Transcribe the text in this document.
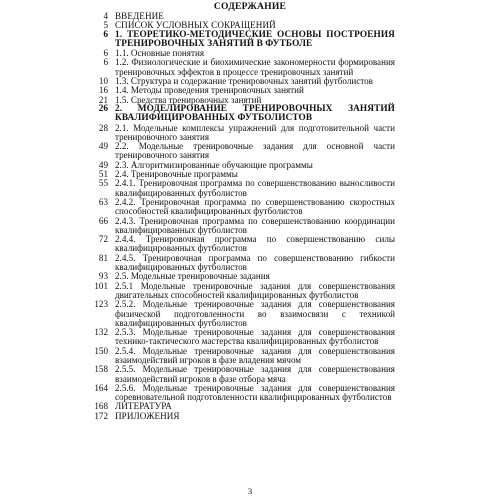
СОДЕРЖАНИЕ
4 ВВЕДЕНИЕ
5 СПИСОК УСЛОВНЫХ СОКРАЩЕНИЙ
6 1. ТЕОРЕТИКО-МЕТОДИЧЕСКИЕ ОСНОВЫ ПОСТРОЕНИЯ ТРЕНИРОВОЧНЫХ ЗАНЯТИЙ В ФУТБОЛЕ
6 1.1. Основные понятия
6 1.2. Физиологические и биохимические закономерности формирования тренировочных эффектов в процессе тренировочных занятий
10 1.3. Структура и содержание тренировочных занятий футболистов
16 1.4. Методы проведения тренировочных занятий
21 1.5. Средства тренировочных занятий
26 2. МОДЕЛИРОВАНИЕ ТРЕНИРОВОЧНЫХ ЗАНЯТИЙ КВАЛИФИЦИРОВАННЫХ ФУТБОЛИСТОВ
28 2.1. Модельные комплексы упражнений для подготовительной части тренировочного занятия
49 2.2. Модельные тренировочные задания для основной части тренировочного занятия
49 2.3. Алгоритмизированные обучающие программы
51 2.4. Тренировочные программы
55 2.4.1. Тренировочная программа по совершенствованию выносливости квалифицированных футболистов
63 2.4.2. Тренировочная программа по совершенствованию скоростных способностей квалифицированных футболистов
66 2.4.3. Тренировочная программа по совершенствованию координации квалифицированных футболистов
72 2.4.4. Тренировочная программа по совершенствованию силы квалифицированных футболистов
81 2.4.5. Тренировочная программа по совершенствованию гибкости квалифицированных футболистов
93 2.5. Модельные тренировочные задания
101 2.5.1 Модельные тренировочные задания для совершенствования двигательных способностей квалифицированных футболистов
123 2.5.2. Модельные тренировочные задания для совершенствования физической подготовленности во взаимосвязи с техникой квалифицированных футболистов
132 2.5.3. Модельные тренировочные задания для совершенствования технико-тактического мастерства квалифицированных футболистов
150 2.5.4. Модельные тренировочные задания для совершенствования взаимодействий игроков в фазе владения мячом
158 2.5.5. Модельные тренировочные задания для совершенствования взаимодействий игроков в фазе отбора мяча
164 2.5.6. Модельные тренировочные задания для совершенствования соревновательной подготовленности квалифицированных футболистов
168 ЛИТЕРАТУРА
172 ПРИЛОЖЕНИЯ
3
